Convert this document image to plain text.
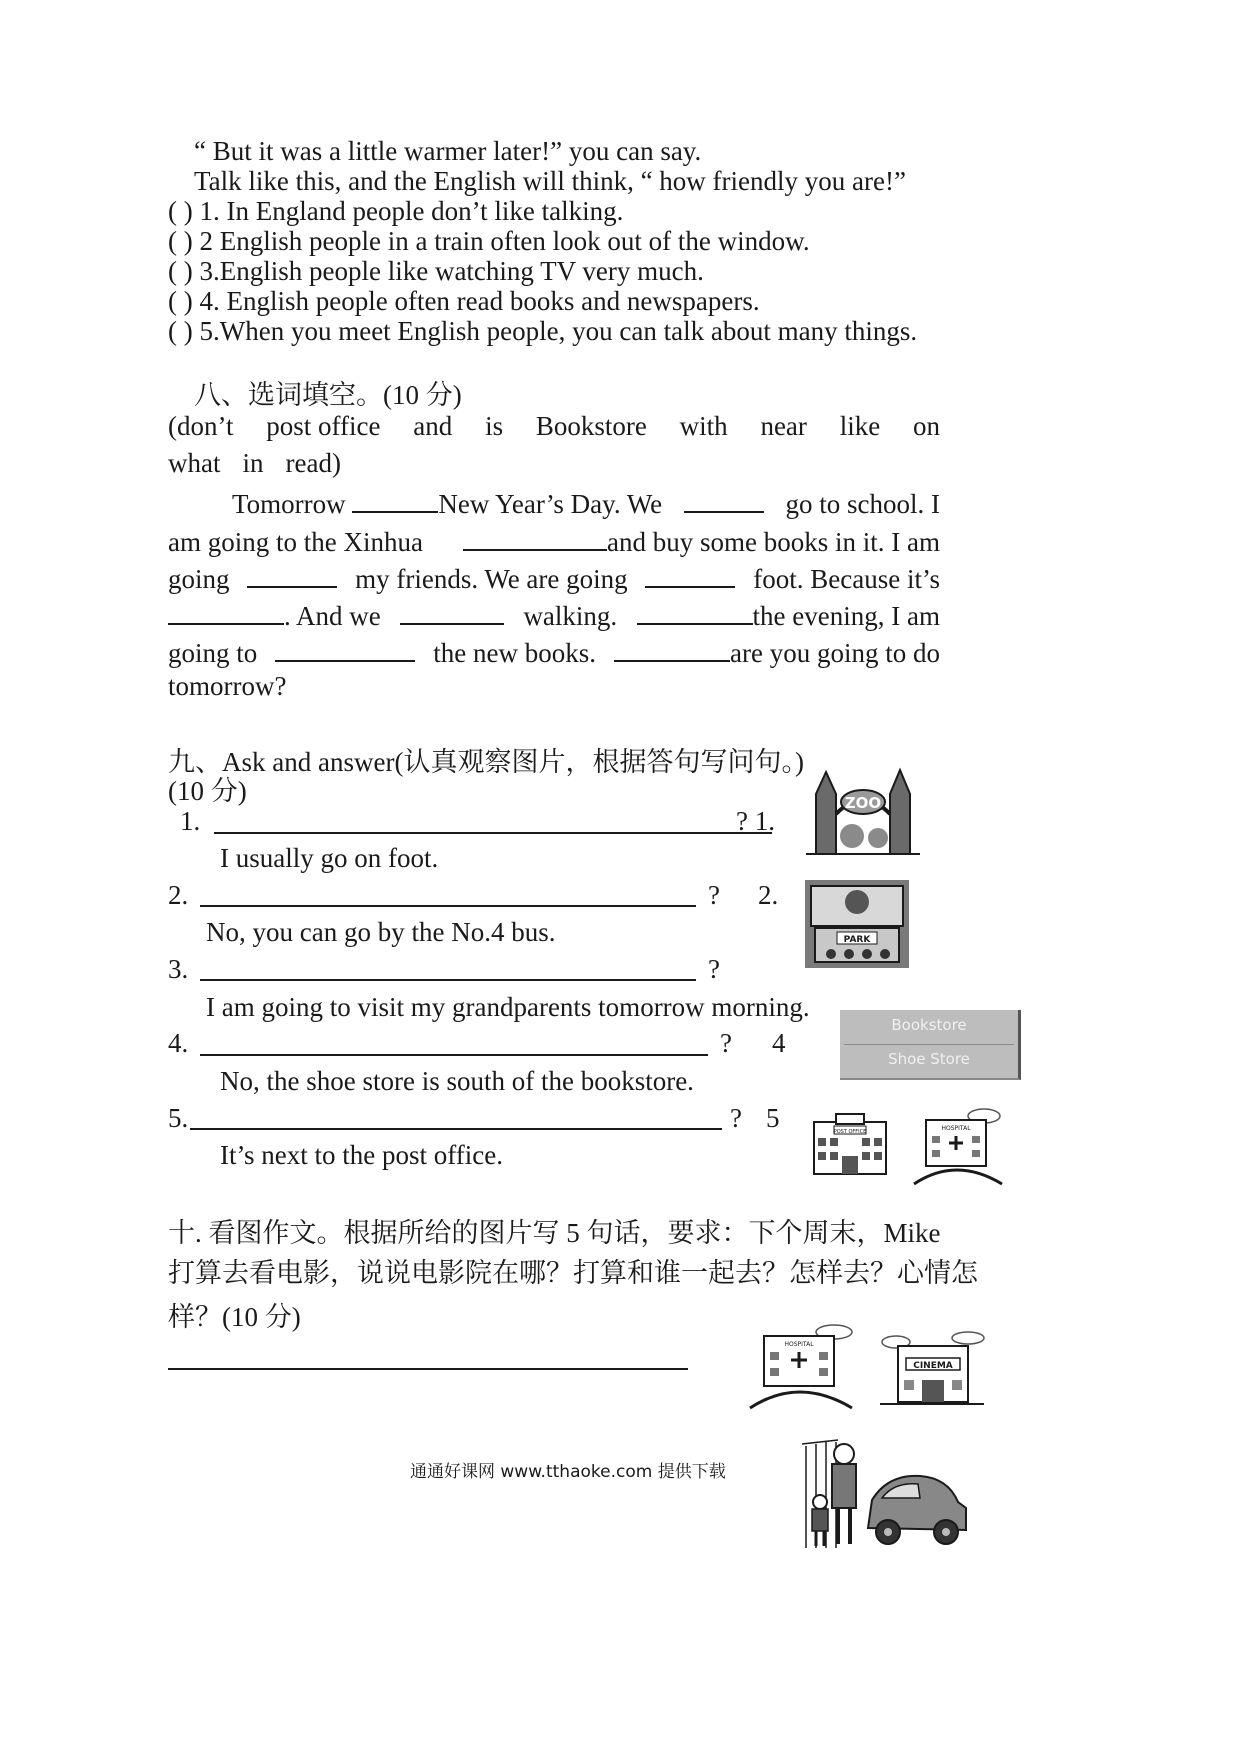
“ But it was a little warmer later!” you can say.
Talk like this, and the English will think, “ how friendly you are!”
( ) 1. In England people don’t like talking.
( ) 2 English people in a train often look out of the window.
( ) 3.English people like watching TV very much.
( ) 4. English people often read books and newspapers.
( ) 5.When you meet English people, you can talk about many things.
八、选词填空。(10 分)
(don’t post office and is Bookstore with near like on
what in read)
Tomorrow	New Year’s Day. We	go to school. I
am going to the Xinhua	and buy some books in it. I am
going	my friends. We are going	foot. Because it’s
. And we	walking.	the evening, I am
going to	the new books.	are you going to do
tomorrow?
九、Ask and answer(认真观察图片，根据答句写问句。)
(10 分)
1.	? 1.
I usually go on foot.
2.	? 2.
No, you can go by the No.4 bus.
3.	?
I am going to visit my grandparents tomorrow morning.
4.	? 4
No, the shoe store is south of the bookstore.
5.	? 5
It’s next to the post office.
ZOO
PARK
Bookstore
Shoe Store
POST OFFICE	HOSPITAL
十. 看图作文。根据所给的图片写 5 句话，要求：下个周末，Mike
打算去看电影，说说电影院在哪？打算和谁一起去？怎样去？心情怎
样？(10 分)
HOSPITAL
CINEMA
通通好课网 www.tthaoke.com 提供下载
